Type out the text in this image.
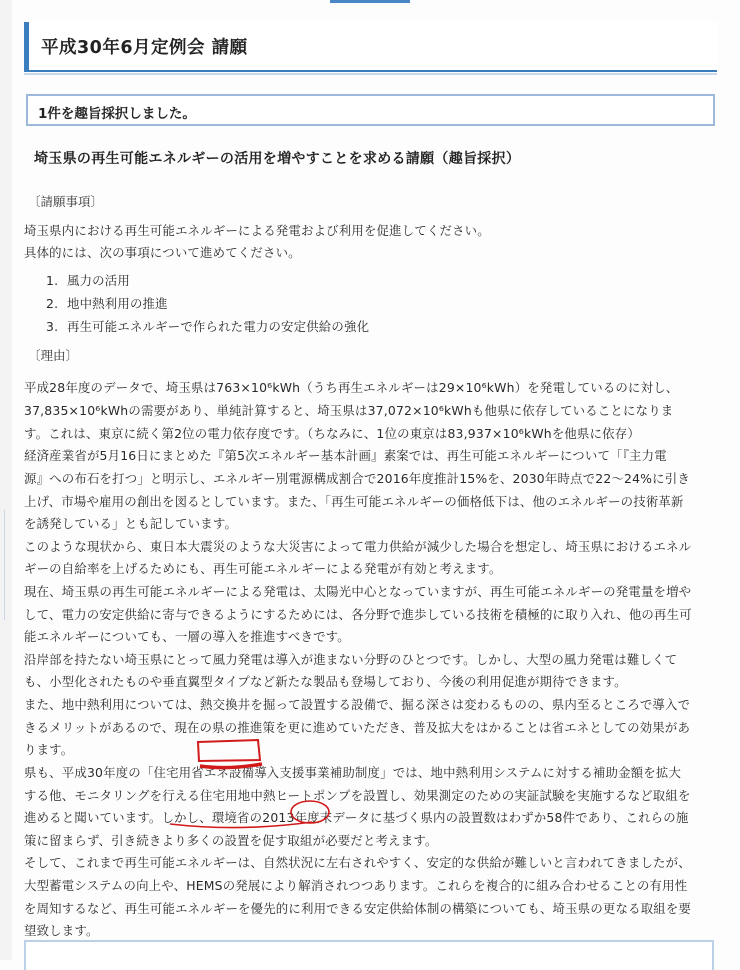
平成30年6月定例会 請願
1件を趣旨採択しました。
埼玉県の再生可能エネルギーの活用を増やすことを求める請願（趣旨採択）
〔請願事項〕
埼玉県内における再生可能エネルギーによる発電および利用を促進してください。
具体的には、次の事項について進めてください。
1. 風力の活用
2. 地中熱利用の推進
3. 再生可能エネルギーで作られた電力の安定供給の強化
〔理由〕
平成28年度のデータで、埼玉県は763×10⁶kWh（うち再生エネルギーは29×10⁶kWh）を発電しているのに対し、
37,835×10⁶kWhの需要があり、単純計算すると、埼玉県は37,072×10⁶kWhも他県に依存していることになりま
す。これは、東京に続く第2位の電力依存度です。（ちなみに、1位の東京は83,937×10⁶kWhを他県に依存）
経済産業省が5月16日にまとめた『第5次エネルギー基本計画』素案では、再生可能エネルギーについて「『主力電
源』への布石を打つ」と明示し、エネルギー別電源構成割合で2016年度推計15%を、2030年時点で22〜24%に引き
上げ、市場や雇用の創出を図るとしています。また、「再生可能エネルギーの価格低下は、他のエネルギーの技術革新
を誘発している」とも記しています。
このような現状から、東日本大震災のような大災害によって電力供給が減少した場合を想定し、埼玉県におけるエネル
ギーの自給率を上げるためにも、再生可能エネルギーによる発電が有効と考えます。
現在、埼玉県の再生可能エネルギーによる発電は、太陽光中心となっていますが、再生可能エネルギーの発電量を増や
して、電力の安定供給に寄与できるようにするためには、各分野で進歩している技術を積極的に取り入れ、他の再生可
能エネルギーについても、一層の導入を推進すべきです。
沿岸部を持たない埼玉県にとって風力発電は導入が進まない分野のひとつです。しかし、大型の風力発電は難しくて
も、小型化されたものや垂直翼型タイプなど新たな製品も登場しており、今後の利用促進が期待できます。
また、地中熱利用については、熱交換井を掘って設置する設備で、掘る深さは変わるものの、県内至るところで導入で
きるメリットがあるので、現在の県の推進策を更に進めていただき、普及拡大をはかることは省エネとしての効果があ
ります。
県も、平成30年度の「住宅用省エネ設備導入支援事業補助制度」では、地中熱利用システムに対する補助金額を拡大
する他、モニタリングを行える住宅用地中熱ヒートポンプを設置し、効果測定のための実証試験を実施するなど取組を
進めると聞いています。しかし、環境省の2013年度末データに基づく県内の設置数はわずか58件であり、これらの施
策に留まらず、引き続きより多くの設置を促す取組が必要だと考えます。
そして、これまで再生可能エネルギーは、自然状況に左右されやすく、安定的な供給が難しいと言われてきましたが、
大型蓄電システムの向上や、HEMSの発展により解消されつつあります。これらを複合的に組み合わせることの有用性
を周知するなど、再生可能エネルギーを優先的に利用できる安定供給体制の構築についても、埼玉県の更なる取組を要
望致します。
